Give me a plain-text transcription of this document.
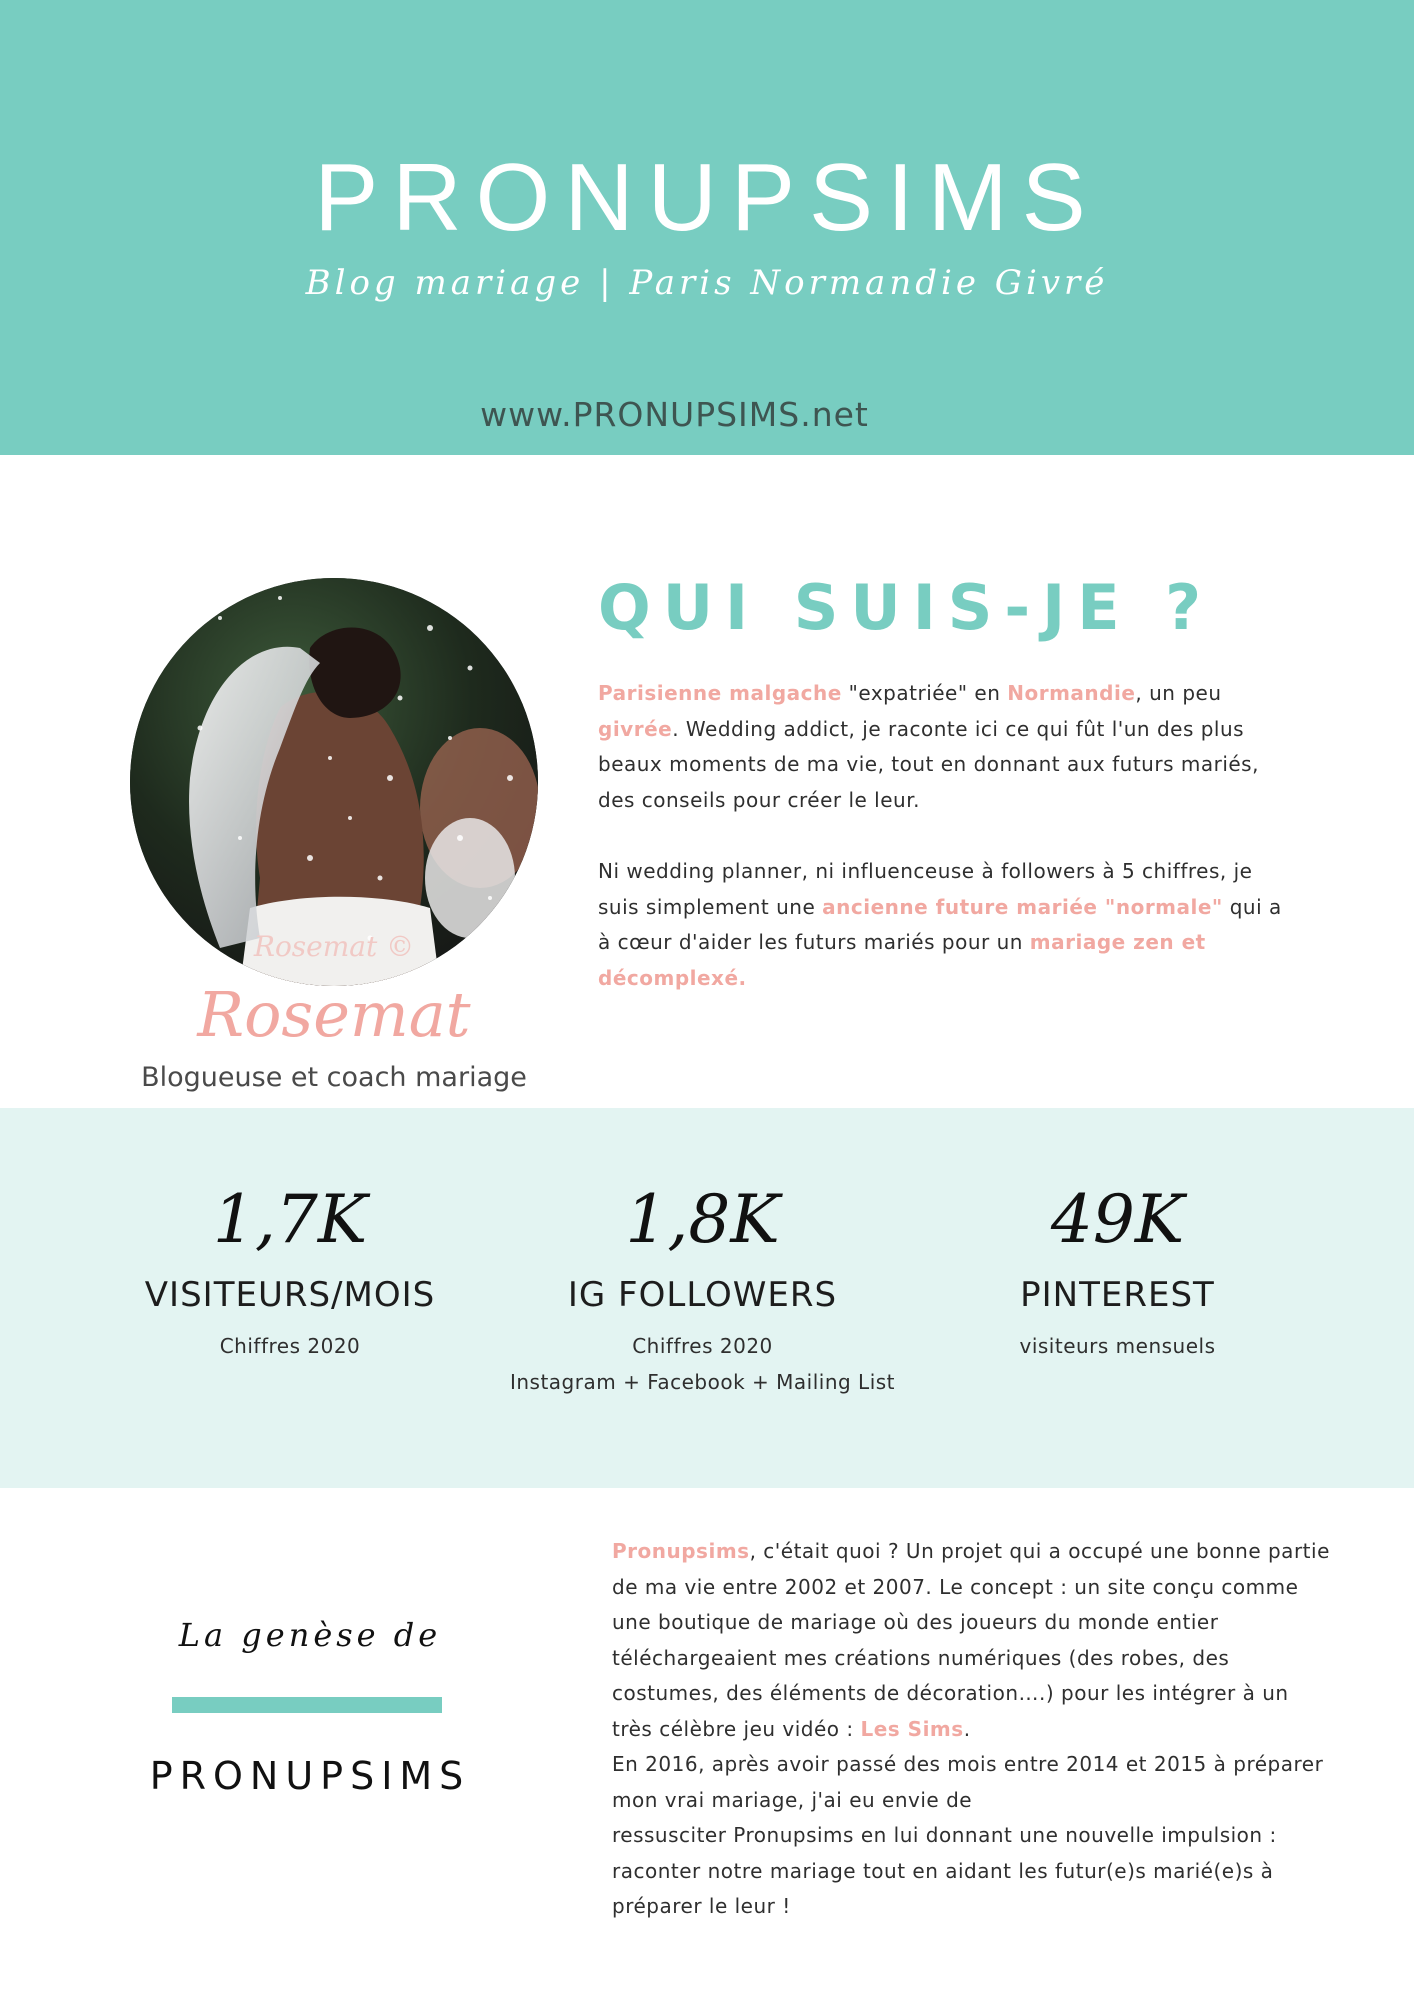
PRONUPSIMS
Blog mariage | Paris Normandie Givré
www.PRONUPSIMS.net
Rosemat ©
Rosemat
Blogueuse et coach mariage
QUI SUIS-JE ?
Parisienne malgache "expatriée" en Normandie, un peu givrée. Wedding addict, je raconte ici ce qui fût l'un des plus beaux moments de ma vie, tout en donnant aux futurs mariés, des conseils pour créer le leur.
Ni wedding planner, ni influenceuse à followers à 5 chiffres, je suis simplement une ancienne future mariée "normale" qui a à cœur d'aider les futurs mariés pour un mariage zen et décomplexé.
1,7K
VISITEURS/MOIS
Chiffres 2020
1,8K
IG FOLLOWERS
Chiffres 2020
Instagram + Facebook + Mailing List
49K
PINTEREST
visiteurs mensuels
La genèse de
PRONUPSIMS
Pronupsims, c'était quoi ? Un projet qui a occupé une bonne partie de ma vie entre 2002 et 2007. Le concept : un site conçu comme une boutique de mariage où des joueurs du monde entier téléchargeaient mes créations numériques (des robes, des costumes, des éléments de décoration….) pour les intégrer à un très célèbre jeu vidéo : Les Sims.
En 2016, après avoir passé des mois entre 2014 et 2015 à préparer mon vrai mariage, j'ai eu envie de
ressusciter Pronupsims en lui donnant une nouvelle impulsion : raconter notre mariage tout en aidant les futur(e)s marié(e)s à préparer le leur !
